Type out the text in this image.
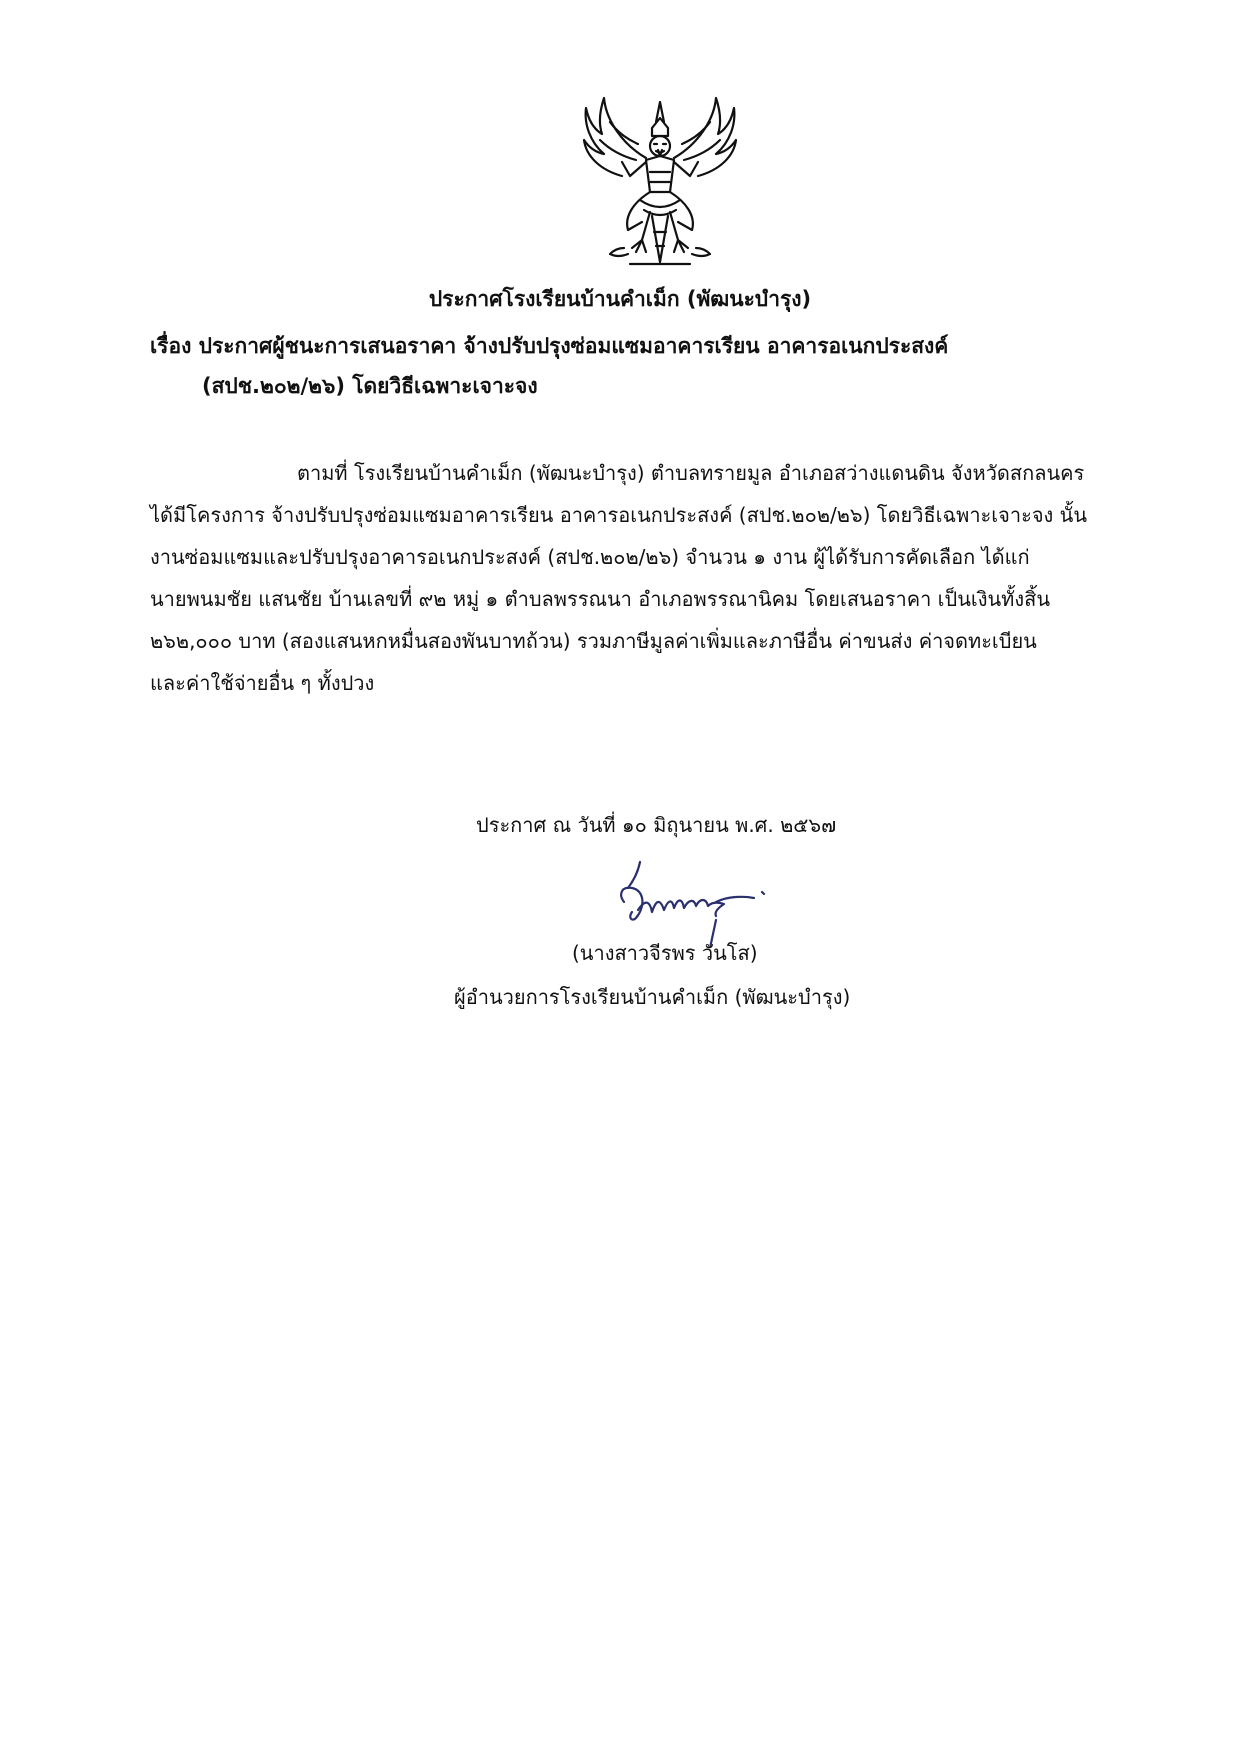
ประกาศโรงเรียนบ้านคำเม็ก (พัฒนะบำรุง)
เรื่อง ประกาศผู้ชนะการเสนอราคา จ้างปรับปรุงซ่อมแซมอาคารเรียน อาคารอเนกประสงค์
(สปช.๒๐๒/๒๖) โดยวิธีเฉพาะเจาะจง
ตามที่ โรงเรียนบ้านคำเม็ก (พัฒนะบำรุง) ตำบลทรายมูล อำเภอสว่างแดนดิน จังหวัดสกลนคร
ได้มีโครงการ จ้างปรับปรุงซ่อมแซมอาคารเรียน อาคารอเนกประสงค์ (สปช.๒๐๒/๒๖) โดยวิธีเฉพาะเจาะจง นั้น
งานซ่อมแซมและปรับปรุงอาคารอเนกประสงค์ (สปช.๒๐๒/๒๖) จำนวน ๑ งาน ผู้ได้รับการคัดเลือก ได้แก่
นายพนมชัย แสนชัย บ้านเลขที่ ๙๒ หมู่ ๑ ตำบลพรรณนา อำเภอพรรณานิคม โดยเสนอราคา เป็นเงินทั้งสิ้น
๒๖๒,๐๐๐ บาท (สองแสนหกหมื่นสองพันบาทถ้วน) รวมภาษีมูลค่าเพิ่มและภาษีอื่น ค่าขนส่ง ค่าจดทะเบียน
และค่าใช้จ่ายอื่น ๆ ทั้งปวง
ประกาศ ณ วันที่ ๑๐ มิถุนายน พ.ศ. ๒๕๖๗
(นางสาวจีรพร วันโส)
ผู้อำนวยการโรงเรียนบ้านคำเม็ก (พัฒนะบำรุง)
